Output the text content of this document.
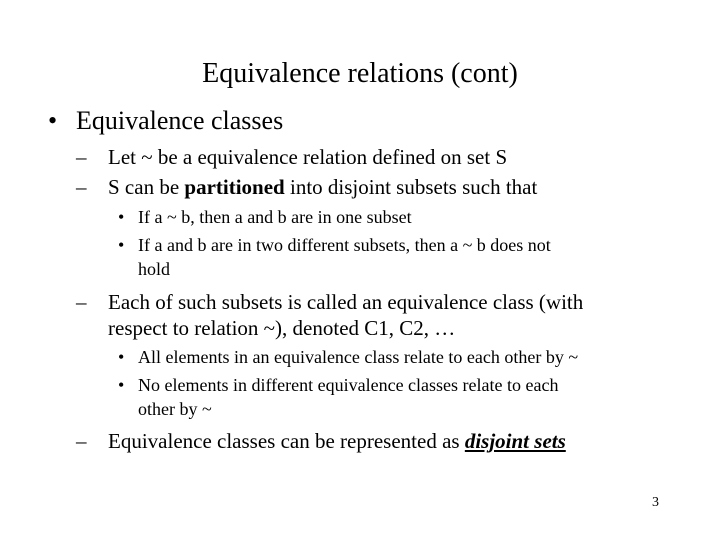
Equivalence relations (cont)
• Equivalence classes
– Let ~ be a equivalence relation defined on set S
– S can be partitioned into disjoint subsets such that
• If a ~ b, then a and b are in one subset
• If a and b are in two different subsets, then a ~ b does not
hold
– Each of such subsets is called an equivalence class (with
respect to relation ~), denoted C1, C2, …
• All elements in an equivalence class relate to each other by ~
• No elements in different equivalence classes relate to each
other by ~
– Equivalence classes can be represented as disjoint sets
3
